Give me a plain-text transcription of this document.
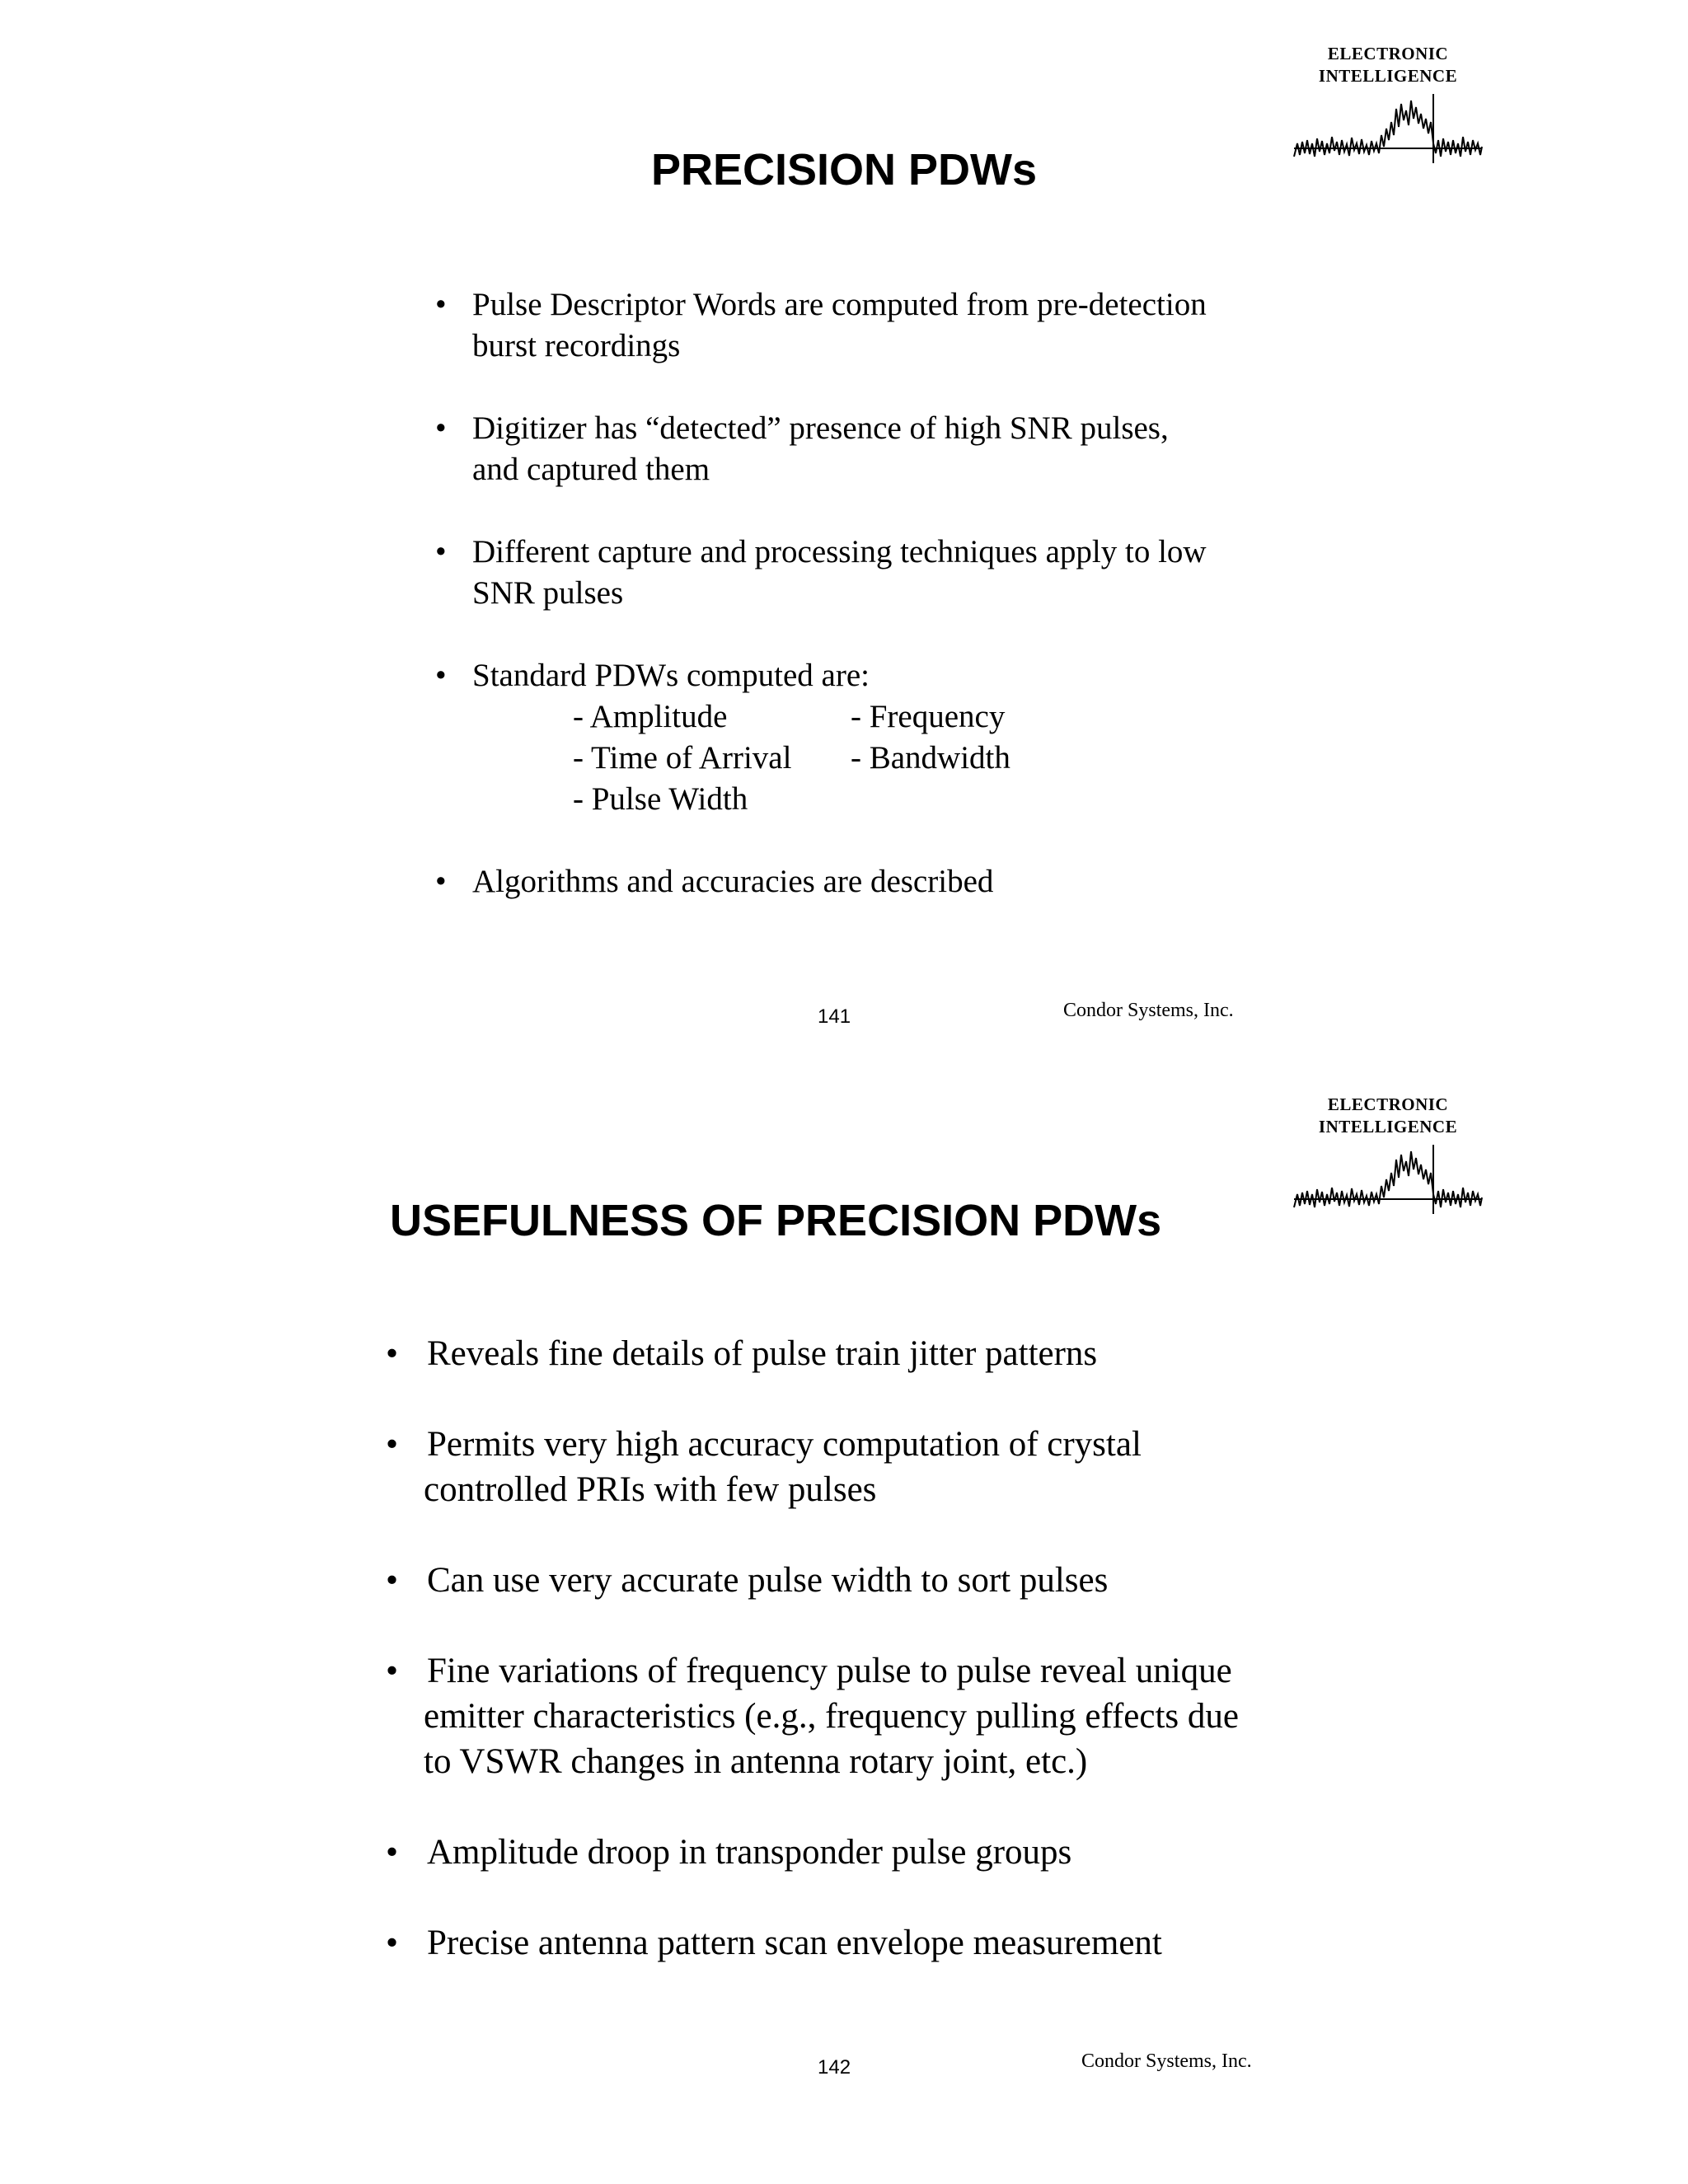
ELECTRONIC
INTELLIGENCE
PRECISION PDWs
• Pulse Descriptor Words are computed from pre-detection
burst recordings
• Digitizer has “detected” presence of high SNR pulses,
and captured them
• Different capture and processing techniques apply to low
SNR pulses
• Standard PDWs computed are:
• Algorithms and accuracies are described
- Amplitude
- Time of Arrival
- Pulse Width
- Frequency
- Bandwidth
141	Condor Systems, Inc.
ELECTRONIC
INTELLIGENCE
USEFULNESS OF PRECISION PDWs
• Reveals fine details of pulse train jitter patterns
• Permits very high accuracy computation of crystal
controlled PRIs with few pulses
• Can use very accurate pulse width to sort pulses
• Fine variations of frequency pulse to pulse reveal unique
emitter characteristics (e.g., frequency pulling effects due
to VSWR changes in antenna rotary joint, etc.)
• Amplitude droop in transponder pulse groups
• Precise antenna pattern scan envelope measurement
142	Condor Systems, Inc.
